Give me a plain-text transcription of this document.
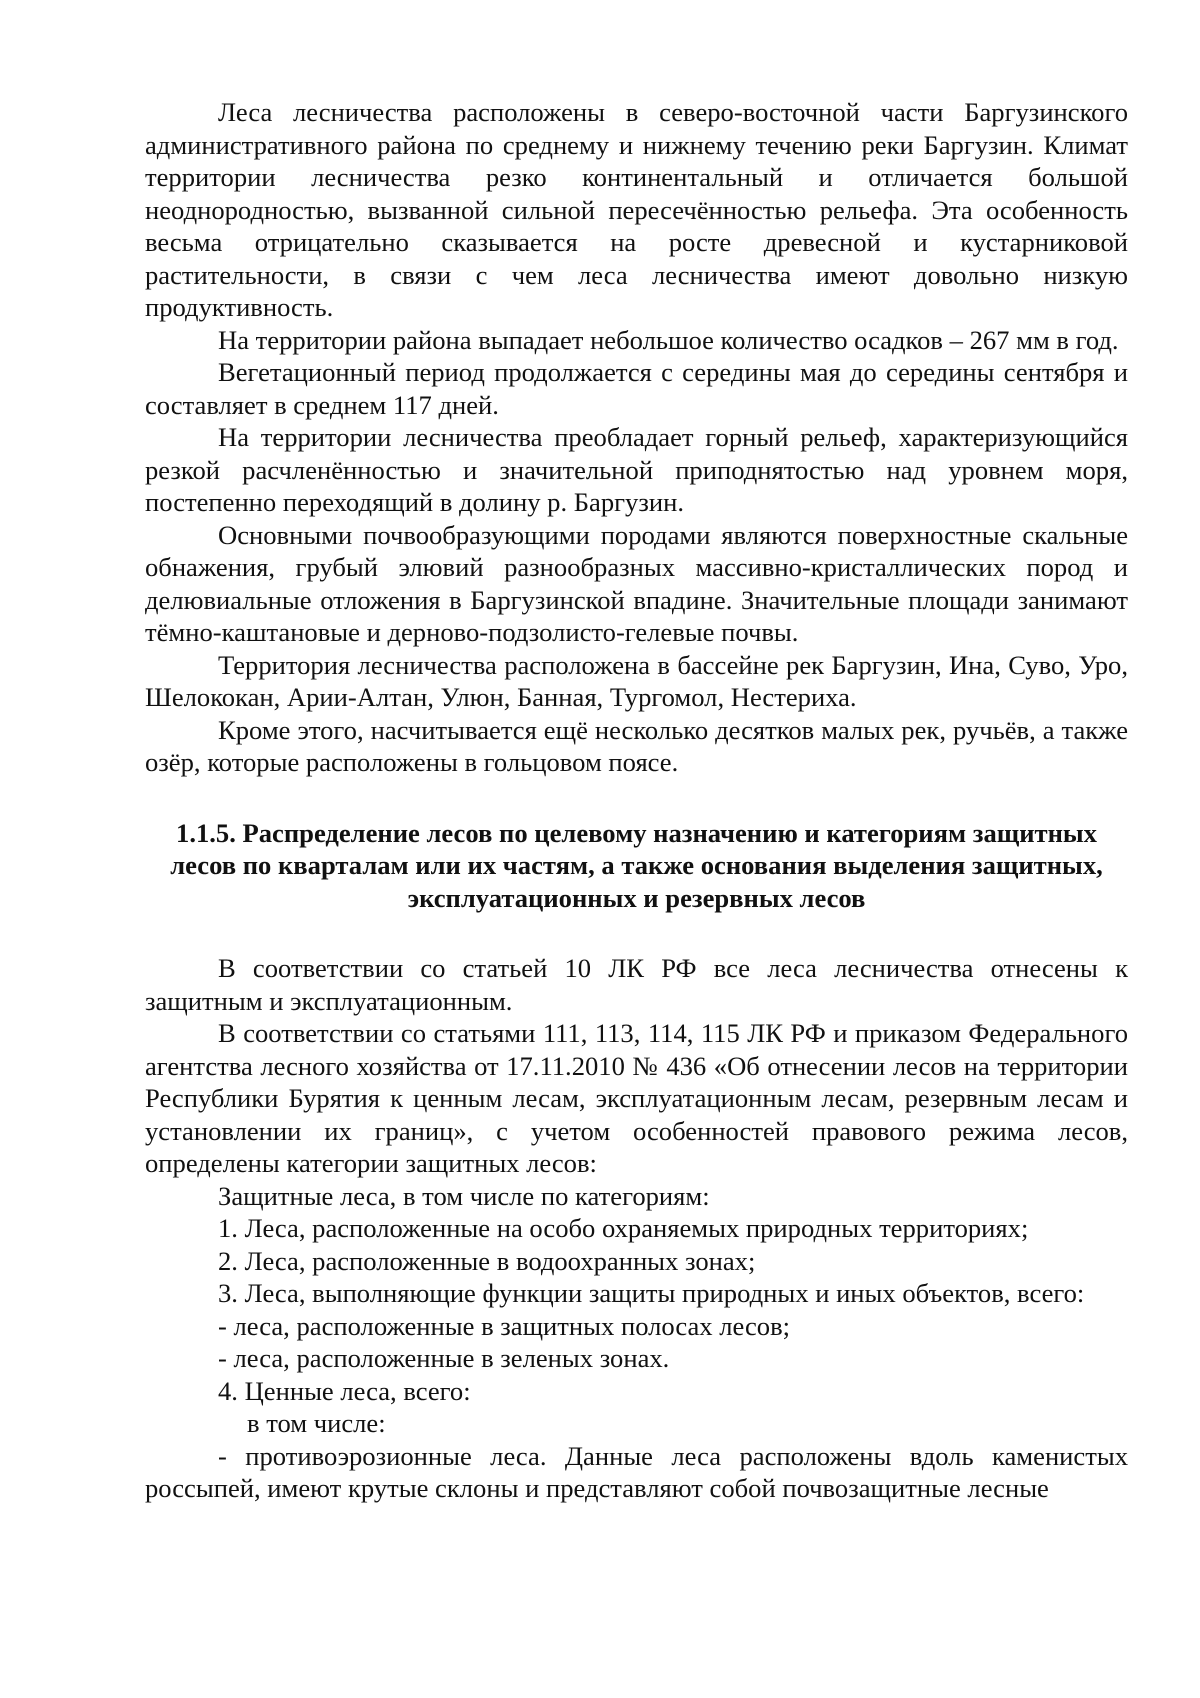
Леса лесничества расположены в северо-восточной части Баргузинского административного района по среднему и нижнему течению реки Баргузин. Климат территории лесничества резко континентальный и отличается большой неоднородностью, вызванной сильной пересечённостью рельефа. Эта особенность весьма отрицательно сказывается на росте древесной и кустарниковой растительности, в связи с чем леса лесничества имеют довольно низкую продуктивность.

На территории района выпадает небольшое количество осадков – 267 мм в год.

Вегетационный период продолжается с середины мая до середины сентября и составляет в среднем 117 дней.

На территории лесничества преобладает горный рельеф, характеризующийся резкой расчленённостью и значительной приподнятостью над уровнем моря, постепенно переходящий в долину р. Баргузин.

Основными почвообразующими породами являются поверхностные скальные обнажения, грубый элювий разнообразных массивно-кристаллических пород и делювиальные отложения в Баргузинской впадине. Значительные площади занимают тёмно-каштановые и дерново-подзолисто-гелевые почвы.

Территория лесничества расположена в бассейне рек Баргузин, Ина, Суво, Уро, Шелококан, Арии-Алтан, Улюн, Банная, Тургомол, Нестериха.

Кроме этого, насчитывается ещё несколько десятков малых рек, ручьёв, а также озёр, которые расположены в гольцовом поясе.

1.1.5. Распределение лесов по целевому назначению и категориям защитных лесов по кварталам или их частям, а также основания выделения защитных, эксплуатационных и резервных лесов

В соответствии со статьей 10 ЛК РФ все леса лесничества отнесены к защитным и эксплуатационным.

В соответствии со статьями 111, 113, 114, 115 ЛК РФ и приказом Федерального агентства лесного хозяйства от 17.11.2010 № 436 «Об отнесении лесов на территории Республики Бурятия к ценным лесам, эксплуатационным лесам, резервным лесам и установлении их границ», с учетом особенностей правового режима лесов, определены категории защитных лесов:

Защитные леса, в том числе по категориям:

1. Леса, расположенные на особо охраняемых природных территориях;

2. Леса, расположенные в водоохранных зонах;

3. Леса, выполняющие функции защиты природных и иных объектов, всего:

- леса, расположенные в защитных полосах лесов;

- леса, расположенные в зеленых зонах.

4. Ценные леса, всего:

в том числе:

- противоэрозионные леса. Данные леса расположены вдоль каменистых россыпей, имеют крутые склоны и представляют собой почвозащитные лесные
